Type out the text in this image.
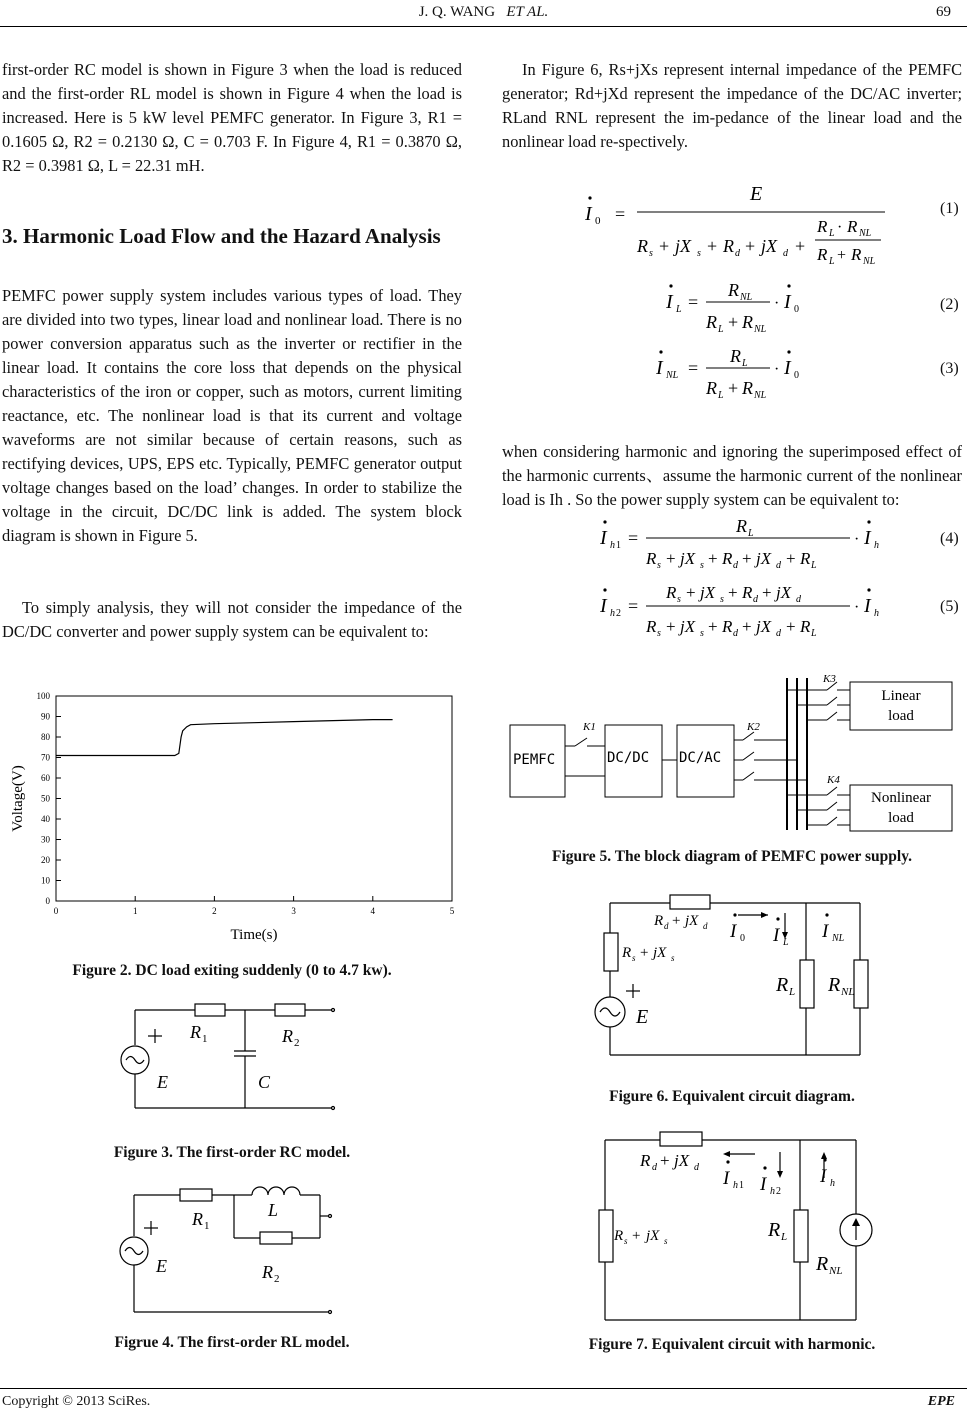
J. Q. WANG ET AL.	69
first-order RC model is shown in Figure 3 when the load is reduced and the first-order RL model is shown in Figure 4 when the load is increased. Here is 5 kW level PEMFC generator. In Figure 3, R1 = 0.1605 Ω, R2 = 0.2130 Ω, C = 0.703 F. In Figure 4, R1 = 0.3870 Ω, R2 = 0.3981 Ω, L = 22.31 mH.
3. Harmonic Load Flow and the Hazard Analysis
PEMFC power supply system includes various types of load. They are divided into two types, linear load and nonlinear load. There is no power conversion apparatus such as the inverter or rectifier in the linear load. It contains the core loss that depends on the physical characteristics of the iron or copper, such as motors, current limiting reactance, etc. The nonlinear load is that its current and voltage waveforms are not similar because of certain reasons, such as rectifying devices, UPS, EPS etc. Typically, PEMFC generator output voltage changes based on the load’ changes. In order to stabilize the voltage in the circuit, DC/DC link is added. The system block diagram is shown in Figure 5.
To simply analysis, they will not consider the impedance of the DC/DC converter and power supply system can be equivalent to:
0
10
20
30
40
50
60
70
80
90
100
0	1	2	3	4	5
Time(s)
Voltage(V)
Figure 2. DC load exiting suddenly (0 to 4.7 kw).
R 1	R 2
E	C
Figure 3. The first-order RC model.
R 1
L
E	R 2
Figrue 4. The first-order RL model.
In Figure 6, Rs+jXs represent internal impedance of the PEMFC generator; Rd+jXd represent the impedance of the DC/AC inverter; RLand RNL represent the im-pedance of the linear load and the nonlinear load re-spectively.
I 0 =
E
R s + jX s + R d + jX d +
R L · R NL
R L + R NL
(1)
I L =
R NL
R L + R NL
· I 0	(2)
I NL =
R L
R L + R NL
· I 0	(3)
when considering harmonic and ignoring the superimposed effect of the harmonic currents、assume the harmonic current of the nonlinear load is Ih . So the power supply system can be equivalent to:
I h 1 =
R L
R s + jX s + R d + jX d + R L
· I h	(4)
I h 2 =
R s + jX s + R d + jX d
R s + jX s + R d + jX d + R L
· I h	(5)
PEMFC	DC/DC DC/AC
Linear
load
Nonlinear
load
K1	K2
K3
K4
Figure 5. The block diagram of PEMFC power supply.
R d + jX d
R s + jX s
I 0 I L
I NL
R L R NL
E
Figure 6. Equivalent circuit diagram.
R d + jX d
R s + jX s
I h 1 I h 2
I h
R L
R NL
Figure 7. Equivalent circuit with harmonic.
Copyright © 2013 SciRes.	EPE
